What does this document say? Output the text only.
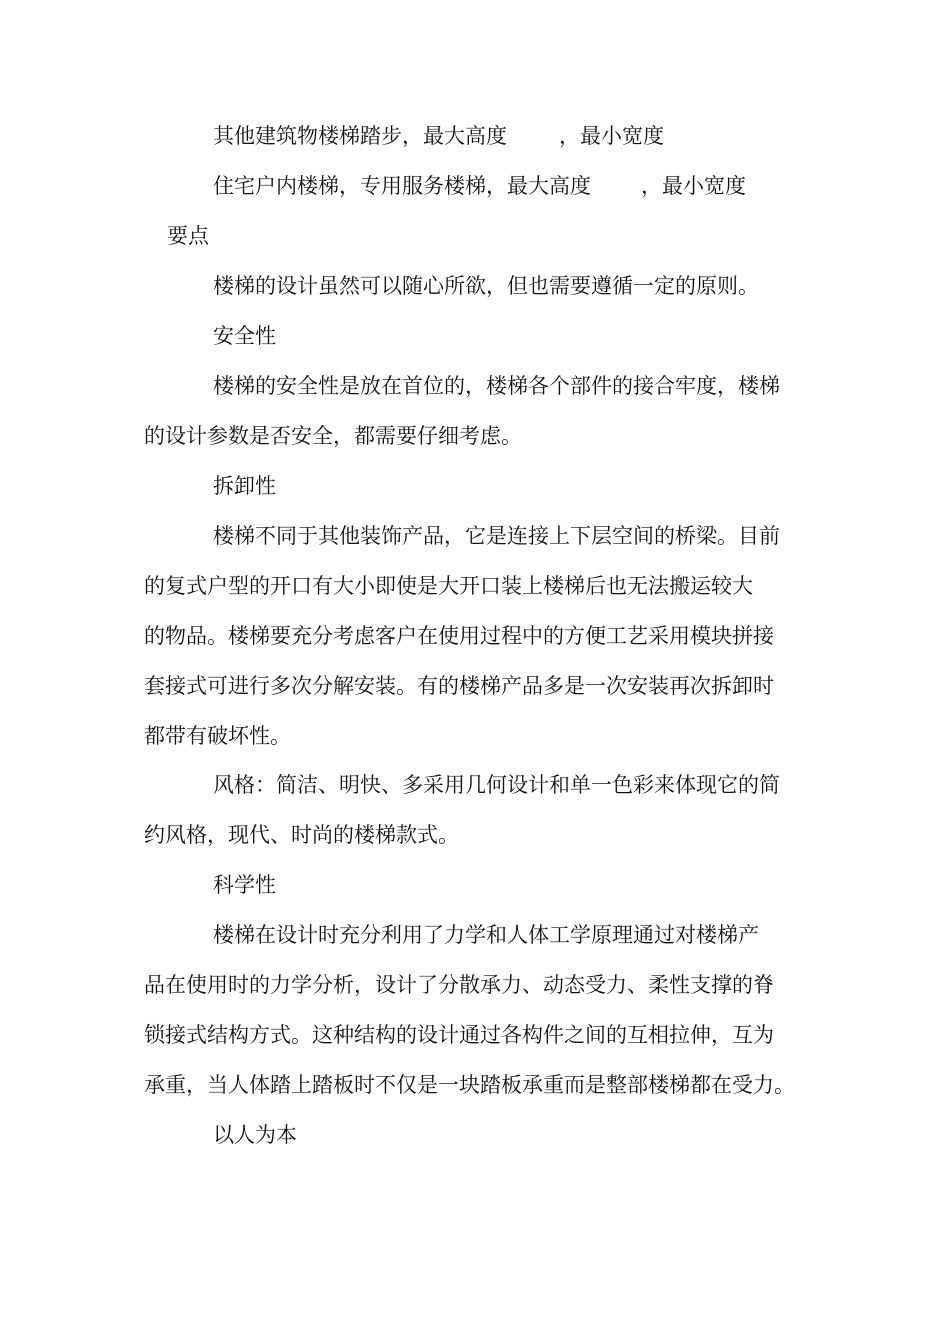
其他建筑物楼梯踏步，最大高度 ，最小宽度
住宅户内楼梯，专用服务楼梯，最大高度 ，最小宽度
要点
楼梯的设计虽然可以随心所欲，但也需要遵循一定的原则。
安全性
楼梯的安全性是放在首位的，楼梯各个部件的接合牢度，楼梯
的设计参数是否安全，都需要仔细考虑。
拆卸性
楼梯不同于其他装饰产品，它是连接上下层空间的桥梁。目前
的复式户型的开口有大小即使是大开口装上楼梯后也无法搬运较大
的物品。楼梯要充分考虑客户在使用过程中的方便工艺采用模块拼接
套接式可进行多次分解安装。有的楼梯产品多是一次安装再次拆卸时
都带有破坏性。
风格：简洁、明快、多采用几何设计和单一色彩来体现它的简
约风格，现代、时尚的楼梯款式。
科学性
楼梯在设计时充分利用了力学和人体工学原理通过对楼梯产
品在使用时的力学分析，设计了分散承力、动态受力、柔性支撑的脊
锁接式结构方式。这种结构的设计通过各构件之间的互相拉伸，互为
承重，当人体踏上踏板时不仅是一块踏板承重而是整部楼梯都在受力。
以人为本
